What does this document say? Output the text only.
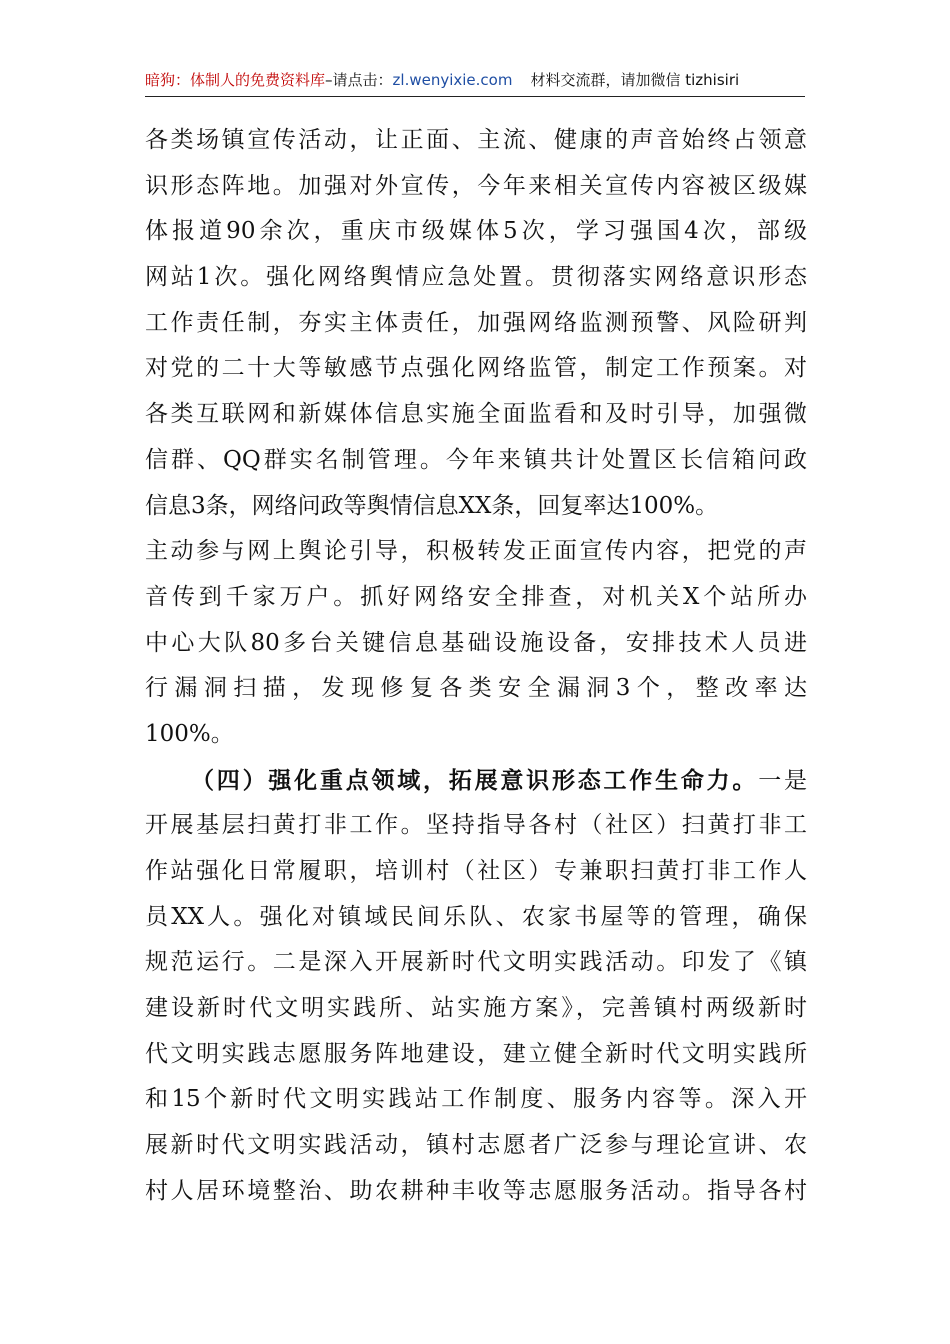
暗狗：体制人的免费资料库–请点击：zl.wenyixie.com 材料交流群，请加微信 tizhisiri
各类场镇宣传活动，让正面、主流、健康的声音始终占领意
识形态阵地。加强对外宣传，今年来相关宣传内容被区级媒
体报道90余次，重庆市级媒体5次，学习强国4次，部级
网站1次。强化网络舆情应急处置。贯彻落实网络意识形态
工作责任制，夯实主体责任，加强网络监测预警、风险研判
对党的二十大等敏感节点强化网络监管，制定工作预案。对
各类互联网和新媒体信息实施全面监看和及时引导，加强微
信群、QQ群实名制管理。今年来镇共计处置区长信箱问政
信息3条，网络问政等舆情信息XX条，回复率达100%。
主动参与网上舆论引导，积极转发正面宣传内容，把党的声
音传到千家万户。抓好网络安全排查，对机关X个站所办
中心大队80多台关键信息基础设施设备，安排技术人员进
行漏洞扫描，发现修复各类安全漏洞3个，整改率达
100%。
（四）强化重点领域，拓展意识形态工作生命力。一是
开展基层扫黄打非工作。坚持指导各村（社区）扫黄打非工
作站强化日常履职，培训村（社区）专兼职扫黄打非工作人
员XX人。强化对镇域民间乐队、农家书屋等的管理，确保
规范运行。二是深入开展新时代文明实践活动。印发了《镇
建设新时代文明实践所、站实施方案》，完善镇村两级新时
代文明实践志愿服务阵地建设，建立健全新时代文明实践所
和15个新时代文明实践站工作制度、服务内容等。深入开
展新时代文明实践活动，镇村志愿者广泛参与理论宣讲、农
村人居环境整治、助农耕种丰收等志愿服务活动。指导各村
